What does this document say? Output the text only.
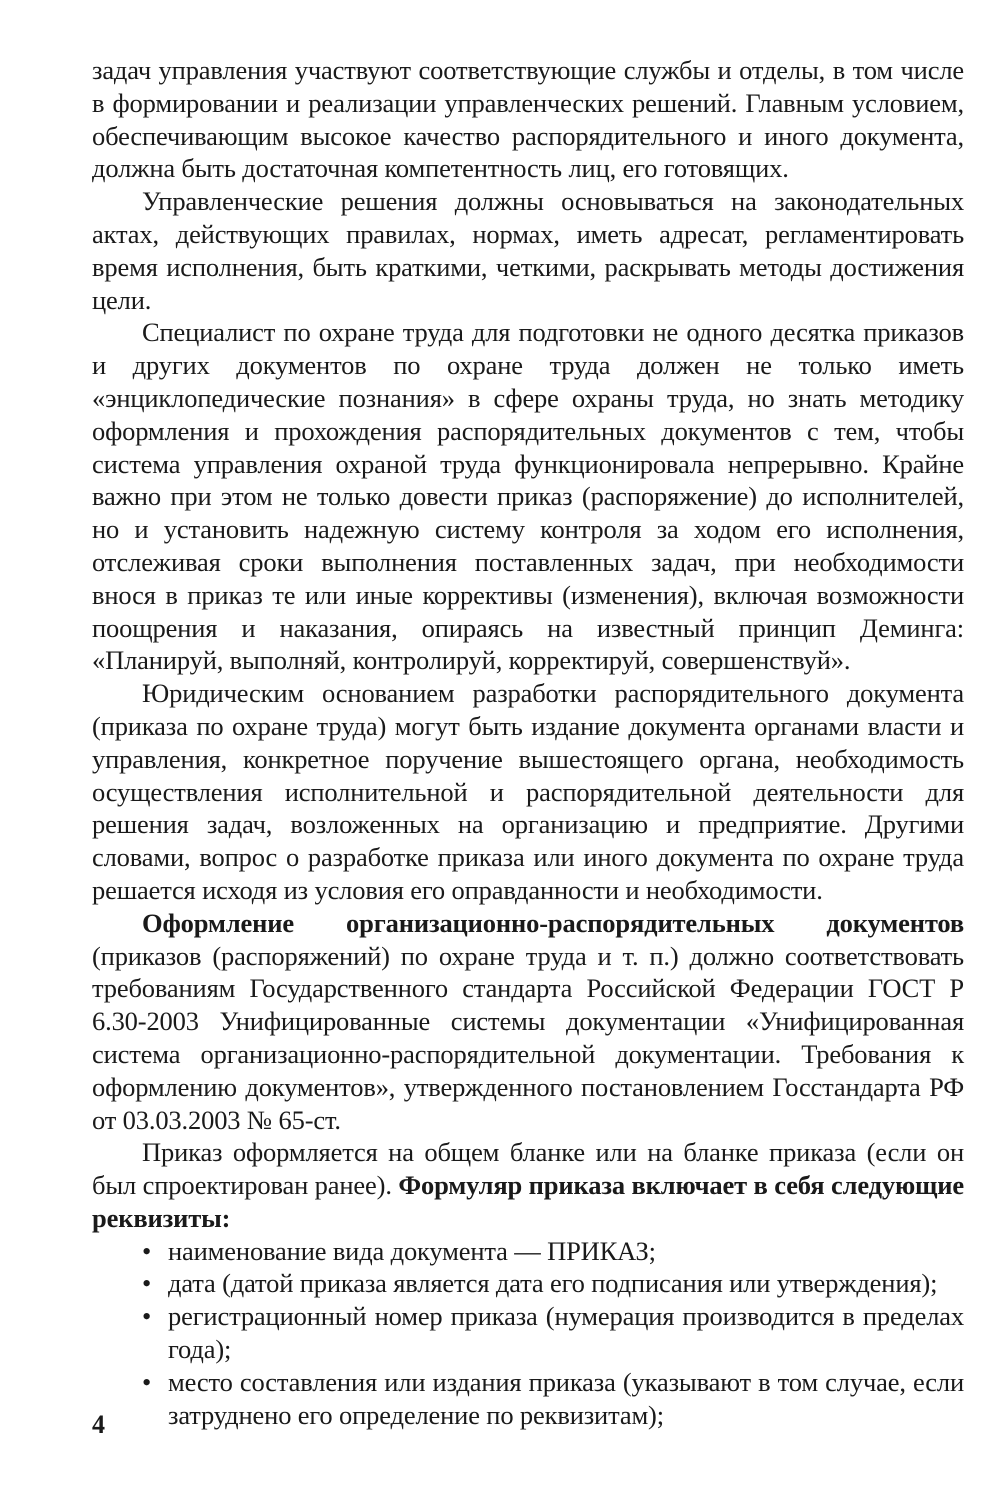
задач управления участвуют соответствующие службы и отделы, в том числе в формировании и реализации управленческих решений. Главным условием, обеспечивающим высокое качество распорядительного и иного документа, должна быть достаточная компетентность лиц, его готовящих.

Управленческие решения должны основываться на законодательных актах, действующих правилах, нормах, иметь адресат, регламентировать время исполнения, быть краткими, четкими, раскрывать методы достижения цели.

Специалист по охране труда для подготовки не одного десятка приказов и других документов по охране труда должен не только иметь «энциклопедические познания» в сфере охраны труда, но знать методику оформления и прохождения распорядительных документов с тем, чтобы система управления охраной труда функционировала непрерывно. Крайне важно при этом не только довести приказ (распоряжение) до исполнителей, но и установить надежную систему контроля за ходом его исполнения, отслеживая сроки выполнения поставленных задач, при необходимости внося в приказ те или иные коррективы (изменения), включая возможности поощрения и наказания, опираясь на известный принцип Деминга: «Планируй, выполняй, контролируй, корректируй, совершенствуй».

Юридическим основанием разработки распорядительного документа (приказа по охране труда) могут быть издание документа органами власти и управления, конкретное поручение вышестоящего органа, необходимость осуществления исполнительной и распорядительной деятельности для решения задач, возложенных на организацию и предприятие. Другими словами, вопрос о разработке приказа или иного документа по охране труда решается исходя из условия его оправданности и необходимости.

Оформление организационно-распорядительных документов (приказов (распоряжений) по охране труда и т. п.) должно соответствовать требованиям Государственного стандарта Российской Федерации ГОСТ Р 6.30-2003 Унифицированные системы документации «Унифицированная система организационно-распорядительной документации. Требования к оформлению документов», утвержденного постановлением Госстандарта РФ от 03.03.2003 № 65-ст.

Приказ оформляется на общем бланке или на бланке приказа (если он был спроектирован ранее). Формуляр приказа включает в себя следующие реквизиты:

• наименование вида документа — ПРИКАЗ;
• дата (датой приказа является дата его подписания или утверждения);
• регистрационный номер приказа (нумерация производится в пределах года);
• место составления или издания приказа (указывают в том случае, если затруднено его определение по реквизитам);
4
